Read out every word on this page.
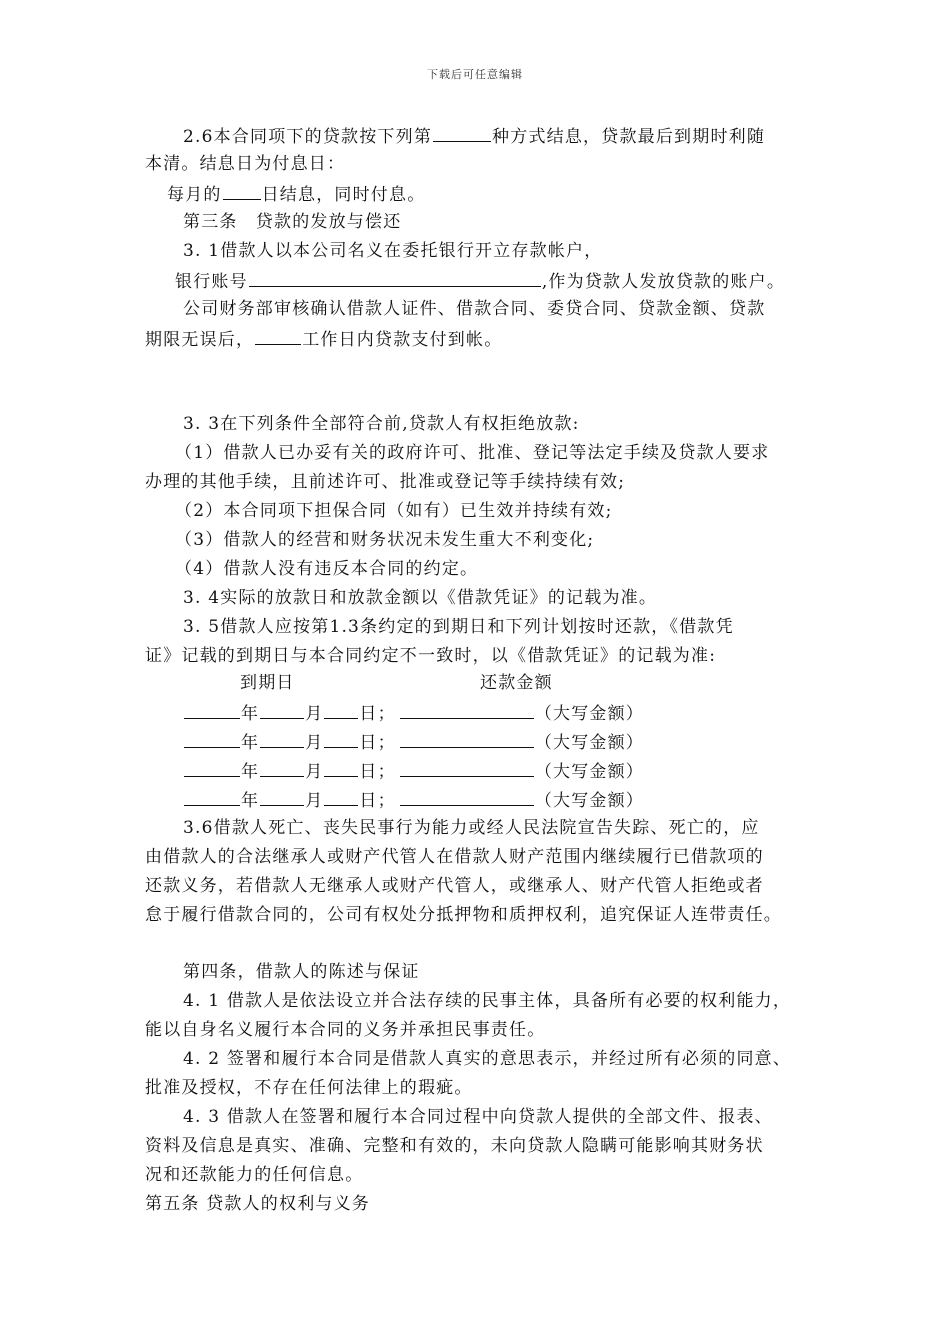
下载后可任意编辑
2.6本合同项下的贷款按下列第	种方式结息，贷款最后到期时利随
本清。结息日为付息日：
每月的 日结息，同时付息。
第三条　贷款的发放与偿还
3. 1借款人以本公司名义在委托银行开立存款帐户，
银行账号	,作为贷款人发放贷款的账户。
公司财务部审核确认借款人证件、借款合同、委贷合同、贷款金额、贷款
期限无误后，	工作日内贷款支付到帐。
3. 3在下列条件全部符合前,贷款人有权拒绝放款:
（1）借款人已办妥有关的政府许可、批准、登记等法定手续及贷款人要求
办理的其他手续，且前述许可、批准或登记等手续持续有效;
（2）本合同项下担保合同（如有）已生效并持续有效;
（3）借款人的经营和财务状况未发生重大不利变化;
（4）借款人没有违反本合同的约定。
3. 4实际的放款日和放款金额以《借款凭证》的记载为准。
3. 5借款人应按第1.3条约定的到期日和下列计划按时还款，《借款凭
证》记载的到期日与本合同约定不一致时，以《借款凭证》的记载为准:
到期日	还款金额
年	月 日；	（大写金额）
年	月 日；	（大写金额）
年	月 日；	（大写金额）
年	月 日；	（大写金额）
3.6借款人死亡、丧失民事行为能力或经人民法院宣告失踪、死亡的，应
由借款人的合法继承人或财产代管人在借款人财产范围内继续履行已借款项的
还款义务，若借款人无继承人或财产代管人，或继承人、财产代管人拒绝或者
怠于履行借款合同的，公司有权处分抵押物和质押权利，追究保证人连带责任。
第四条，借款人的陈述与保证
4. 1 借款人是依法设立并合法存续的民事主体，具备所有必要的权利能力，
能以自身名义履行本合同的义务并承担民事责任。
4. 2 签署和履行本合同是借款人真实的意思表示，并经过所有必须的同意、
批准及授权，不存在任何法律上的瑕疵。
4. 3 借款人在签署和履行本合同过程中向贷款人提供的全部文件、报表、
资料及信息是真实、准确、完整和有效的，未向贷款人隐瞒可能影响其财务状
况和还款能力的任何信息。
第五条 贷款人的权利与义务
